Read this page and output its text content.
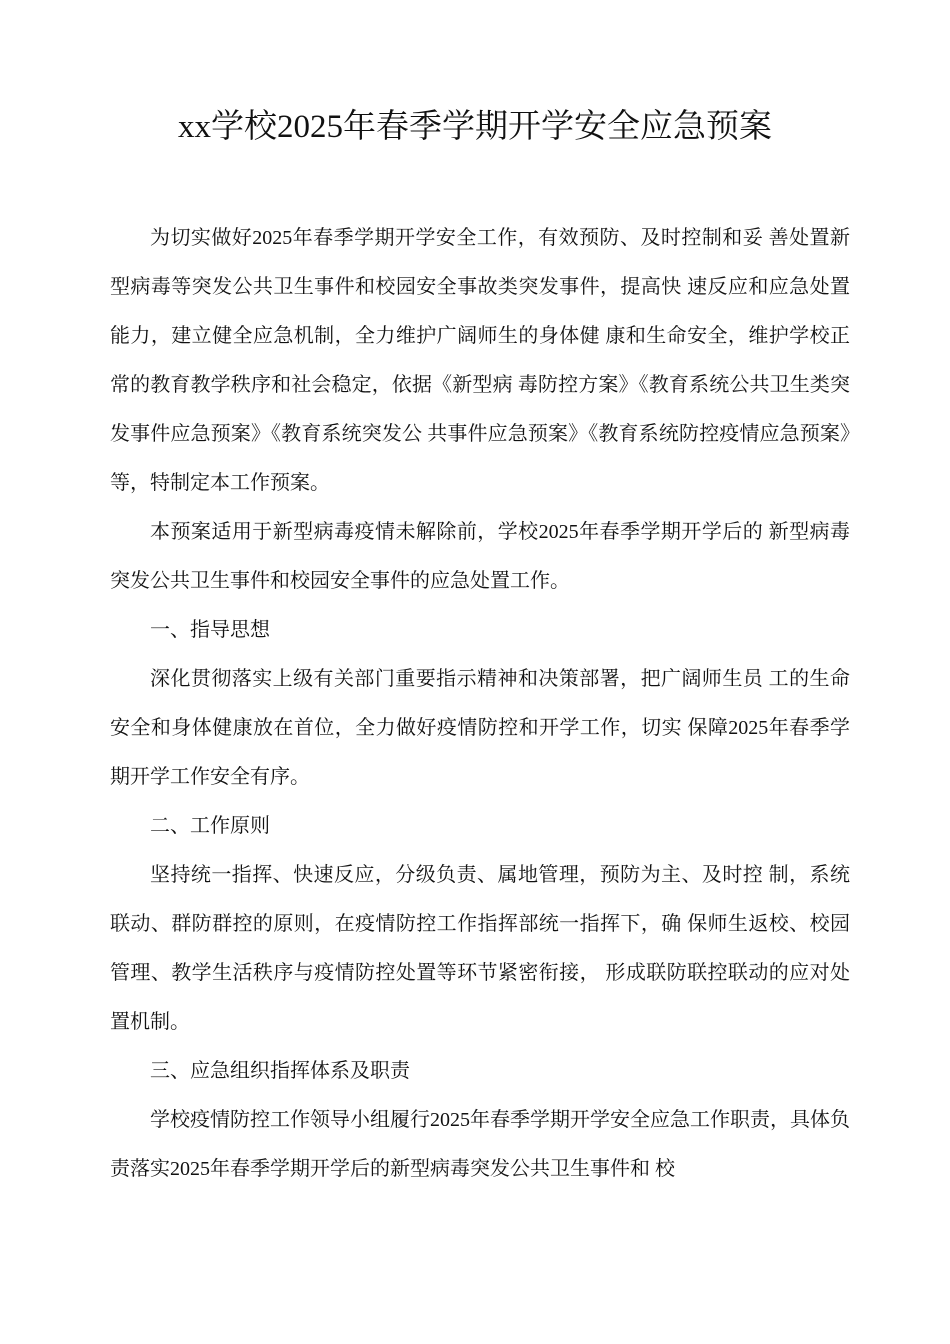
xx学校2025年春季学期开学安全应急预案

为切实做好2025年春季学期开学安全工作，有效预防、及时控制和妥 善处置新型病毒等突发公共卫生事件和校园安全事故类突发事件，提高快 速反应和应急处置能力，建立健全应急机制，全力维护广阔师生的身体健 康和生命安全，维护学校正常的教育教学秩序和社会稳定，依据《新型病 毒防控方案》《教育系统公共卫生类突发事件应急预案》《教育系统突发公 共事件应急预案》《教育系统防控疫情应急预案》等，特制定本工作预案。

本预案适用于新型病毒疫情未解除前，学校2025年春季学期开学后的 新型病毒突发公共卫生事件和校园安全事件的应急处置工作。

一、指导思想

深化贯彻落实上级有关部门重要指示精神和决策部署，把广阔师生员 工的生命安全和身体健康放在首位，全力做好疫情防控和开学工作，切实 保障2025年春季学期开学工作安全有序。

二、工作原则

坚持统一指挥、快速反应，分级负责、属地管理，预防为主、及时控 制，系统联动、群防群控的原则，在疫情防控工作指挥部统一指挥下，确 保师生返校、校园管理、教学生活秩序与疫情防控处置等环节紧密衔接， 形成联防联控联动的应对处置机制。

三、应急组织指挥体系及职责

学校疫情防控工作领导小组履行2025年春季学期开学安全应急工作职责，具体负责落实2025年春季学期开学后的新型病毒突发公共卫生事件和 校
